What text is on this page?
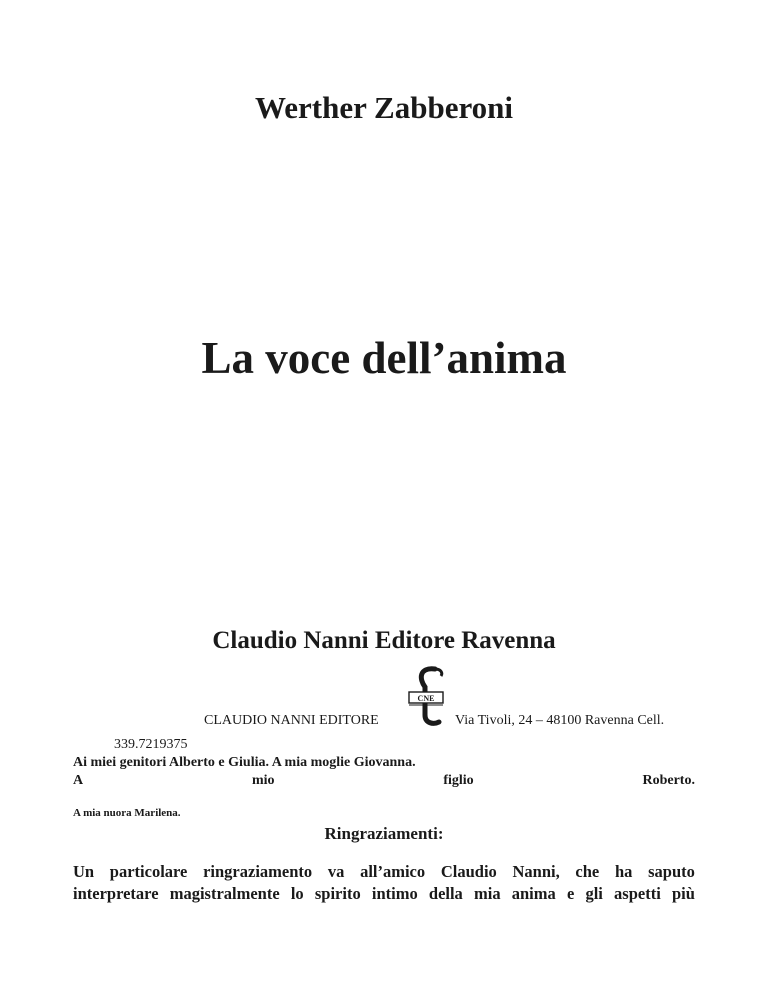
Werther Zabberoni
La voce dell’anima
Claudio Nanni Editore Ravenna
CNE
CLAUDIO NANNI EDITORE	Via Tivoli, 24 – 48100 Ravenna Cell.
339.7219375
Ai miei genitori Alberto e Giulia. A mia moglie Giovanna.
A	mio	figlio	Roberto.
A mia nuora Marilena.
Ringraziamenti:
Un particolare ringraziamento va all’amico Claudio Nanni, che ha saputo
interpretare magistralmente lo spirito intimo della mia anima e gli aspetti più
